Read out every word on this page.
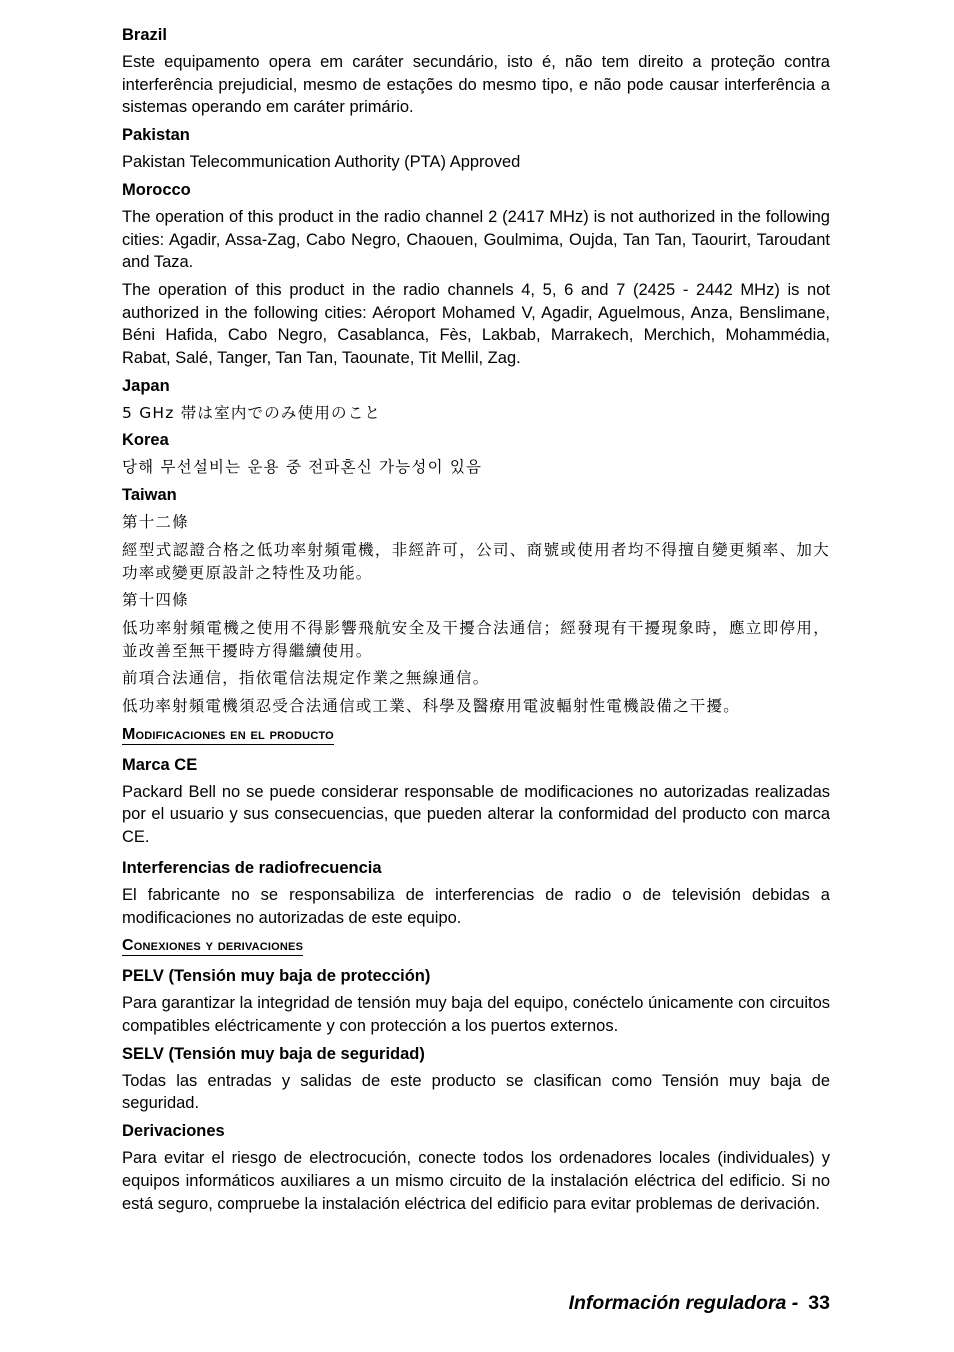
Brazil
Este equipamento opera em caráter secundário, isto é, não tem direito a proteção contra interferência prejudicial, mesmo de estações do mesmo tipo, e não pode causar interferência a sistemas operando em caráter primário.
Pakistan
Pakistan Telecommunication Authority (PTA) Approved
Morocco
The operation of this product in the radio channel 2 (2417 MHz) is not authorized in the following cities: Agadir, Assa-Zag, Cabo Negro, Chaouen, Goulmima, Oujda, Tan Tan, Taourirt, Taroudant and Taza.
The operation of this product in the radio channels 4, 5, 6 and 7 (2425 - 2442 MHz) is not authorized in the following cities: Aéroport Mohamed V, Agadir, Aguelmous, Anza, Benslimane, Béni Hafida, Cabo Negro, Casablanca, Fès, Lakbab, Marrakech, Merchich, Mohammédia, Rabat, Salé, Tanger, Tan Tan, Taounate, Tit Mellil, Zag.
Japan
5 GHz 帯は室内でのみ使用のこと
Korea
당해 무선설비는 운용 중 전파혼신 가능성이 있음
Taiwan
第十二條
經型式認證合格之低功率射頻電機，非經許可，公司、商號或使用者均不得擅自變更頻率、加大功率或變更原設計之特性及功能。
第十四條
低功率射頻電機之使用不得影響飛航安全及干擾合法通信；經發現有干擾現象時，應立即停用，並改善至無干擾時方得繼續使用。
前項合法通信，指依電信法規定作業之無線通信。
低功率射頻電機須忍受合法通信或工業、科學及醫療用電波輻射性電機設備之干擾。
Modificaciones en el producto
Marca CE
Packard Bell no se puede considerar responsable de modificaciones no autorizadas realizadas por el usuario y sus consecuencias, que pueden alterar la conformidad del producto con marca CE.
Interferencias de radiofrecuencia
El fabricante no se responsabiliza de interferencias de radio o de televisión debidas a modificaciones no autorizadas de este equipo.
Conexiones y derivaciones
PELV (Tensión muy baja de protección)
Para garantizar la integridad de tensión muy baja del equipo, conéctelo únicamente con circuitos compatibles eléctricamente y con protección a los puertos externos.
SELV (Tensión muy baja de seguridad)
Todas las entradas y salidas de este producto se clasifican como Tensión muy baja de seguridad.
Derivaciones
Para evitar el riesgo de electrocución, conecte todos los ordenadores locales (individuales) y equipos informáticos auxiliares a un mismo circuito de la instalación eléctrica del edificio. Si no está seguro, compruebe la instalación eléctrica del edificio para evitar problemas de derivación.
Información reguladora - 33
